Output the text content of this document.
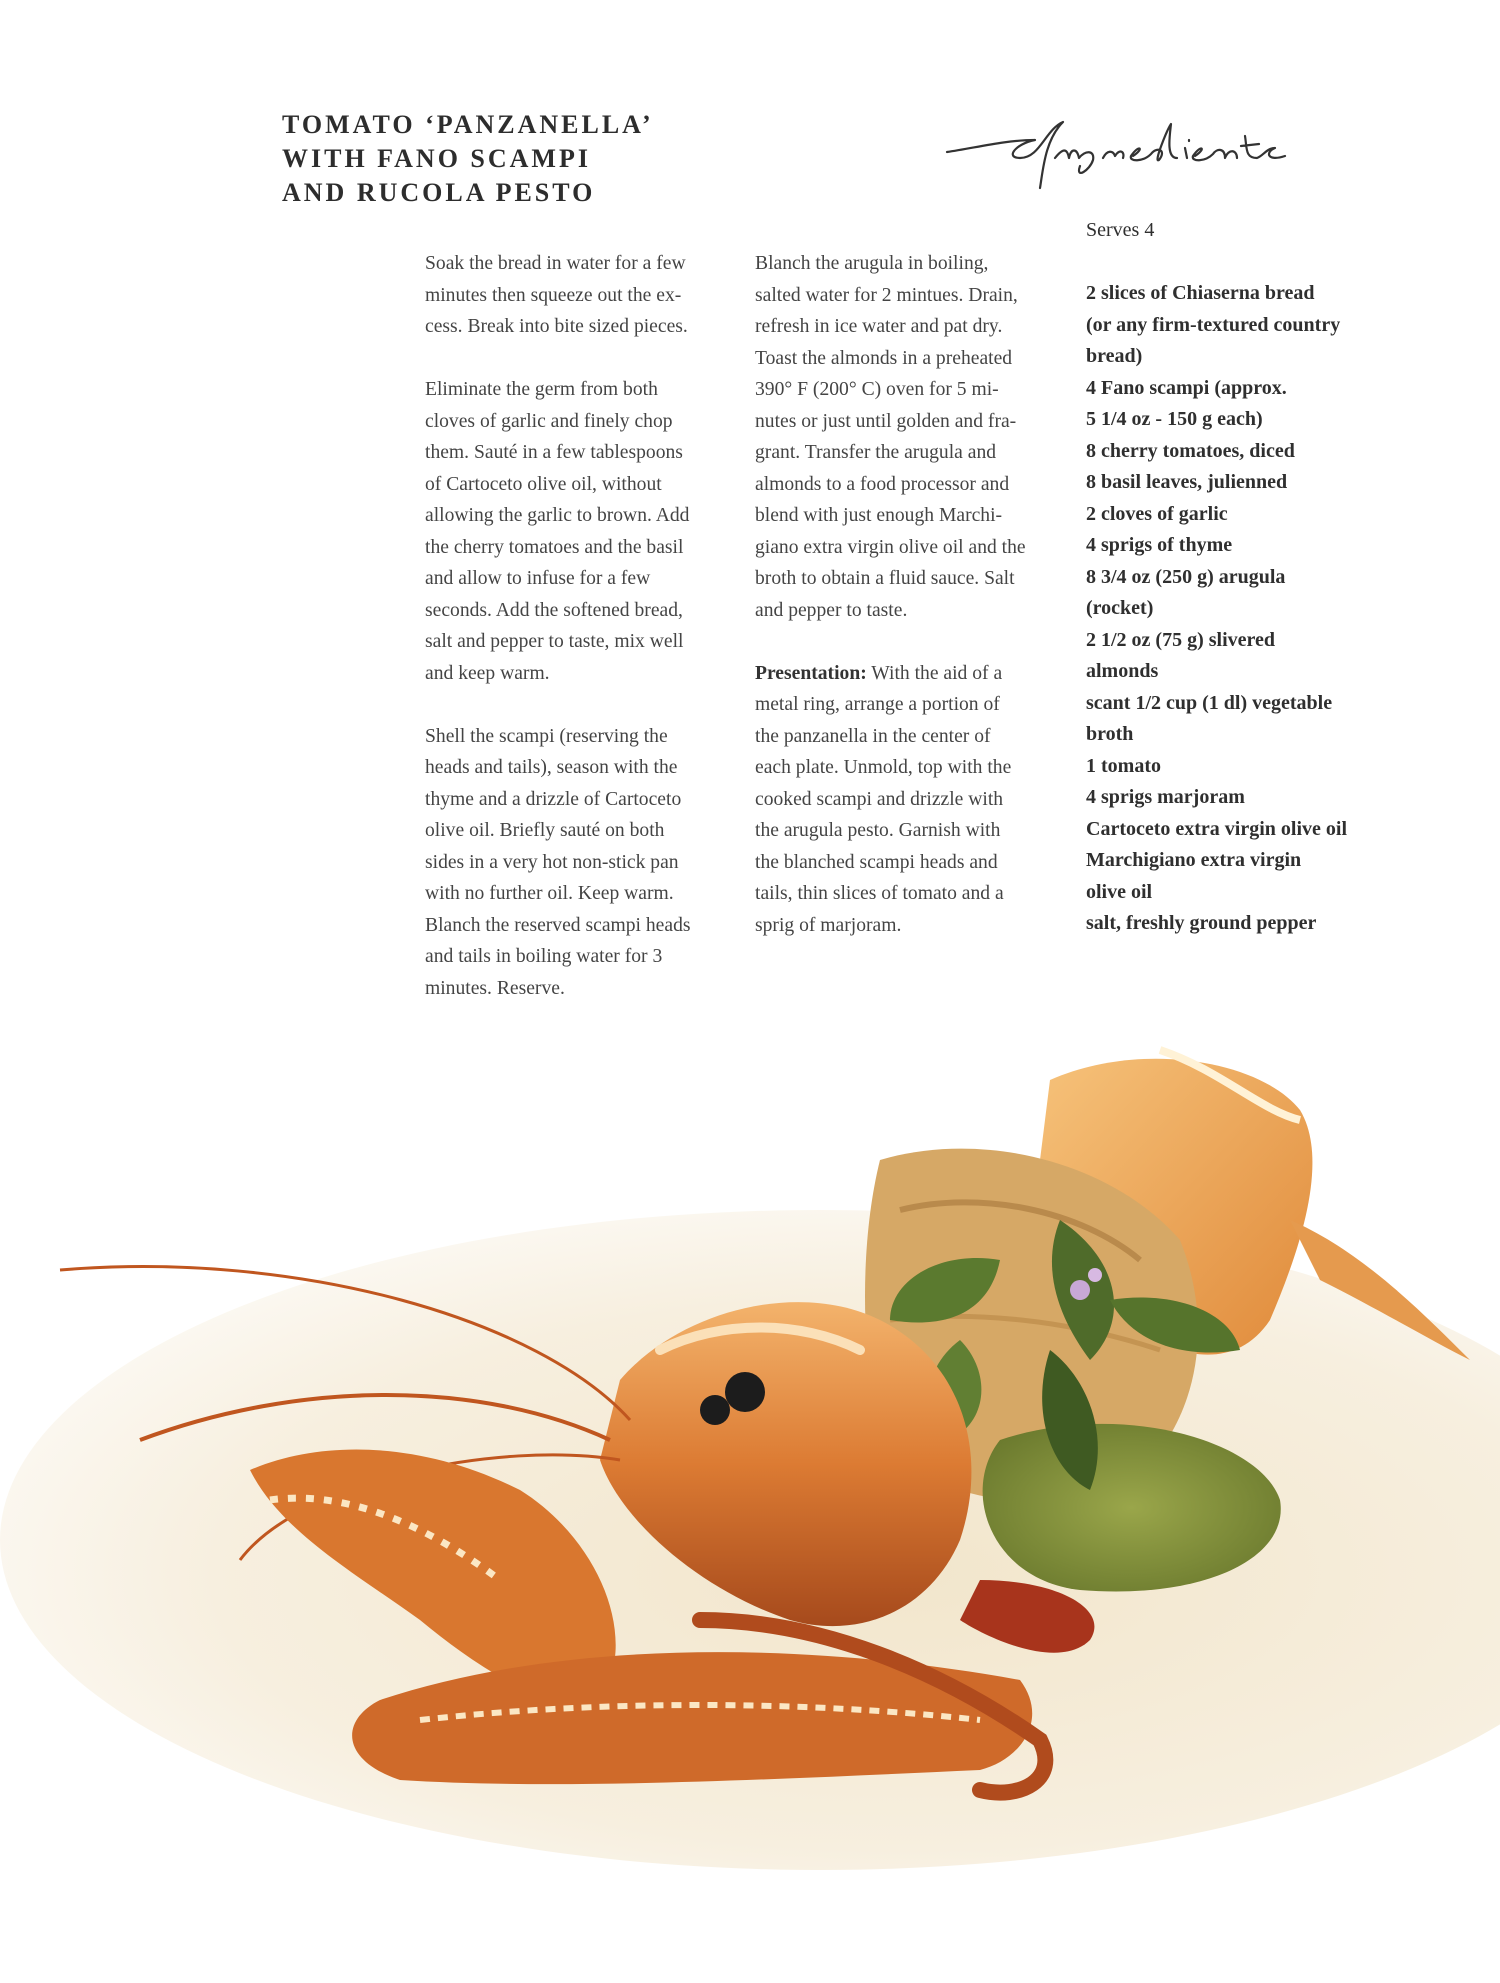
TOMATO ‘PANZANELLA’
WITH FANO SCAMPI
AND RUCOLA PESTO	Ingredients

Soak the bread in water for a few
minutes then squeeze out the ex-
cess. Break into bite sized pieces.

Eliminate the germ from both
cloves of garlic and finely chop
them. Sauté in a few tablespoons
of Cartoceto olive oil, without
allowing the garlic to brown. Add
the cherry tomatoes and the basil
and allow to infuse for a few
seconds. Add the softened bread,
salt and pepper to taste, mix well
and keep warm.

Shell the scampi (reserving the
heads and tails), season with the
thyme and a drizzle of Cartoceto
olive oil. Briefly sauté on both
sides in a very hot non-stick pan
with no further oil. Keep warm.
Blanch the reserved scampi heads
and tails in boiling water for 3
minutes. Reserve.

Blanch the arugula in boiling,
salted water for 2 mintues. Drain,
refresh in ice water and pat dry.
Toast the almonds in a preheated
390° F (200° C) oven for 5 mi-
nutes or just until golden and fra-
grant. Transfer the arugula and
almonds to a food processor and
blend with just enough Marchi-
giano extra virgin olive oil and the
broth to obtain a fluid sauce. Salt
and pepper to taste.

Presentation: With the aid of a
metal ring, arrange a portion of
the panzanella in the center of
each plate. Unmold, top with the
cooked scampi and drizzle with
the arugula pesto. Garnish with
the blanched scampi heads and
tails, thin slices of tomato and a
sprig of marjoram.

Serves 4
2 slices of Chiaserna bread
(or any firm-textured country
bread)
4 Fano scampi (approx.
5 1/4 oz - 150 g each)
8 cherry tomatoes, diced
8 basil leaves, julienned
2 cloves of garlic
4 sprigs of thyme
8 3/4 oz (250 g) arugula
(rocket)
2 1/2 oz (75 g) slivered
almonds
scant 1/2 cup (1 dl) vegetable
broth
1 tomato
4 sprigs marjoram
Cartoceto extra virgin olive oil
Marchigiano extra virgin
olive oil
salt, freshly ground pepper
